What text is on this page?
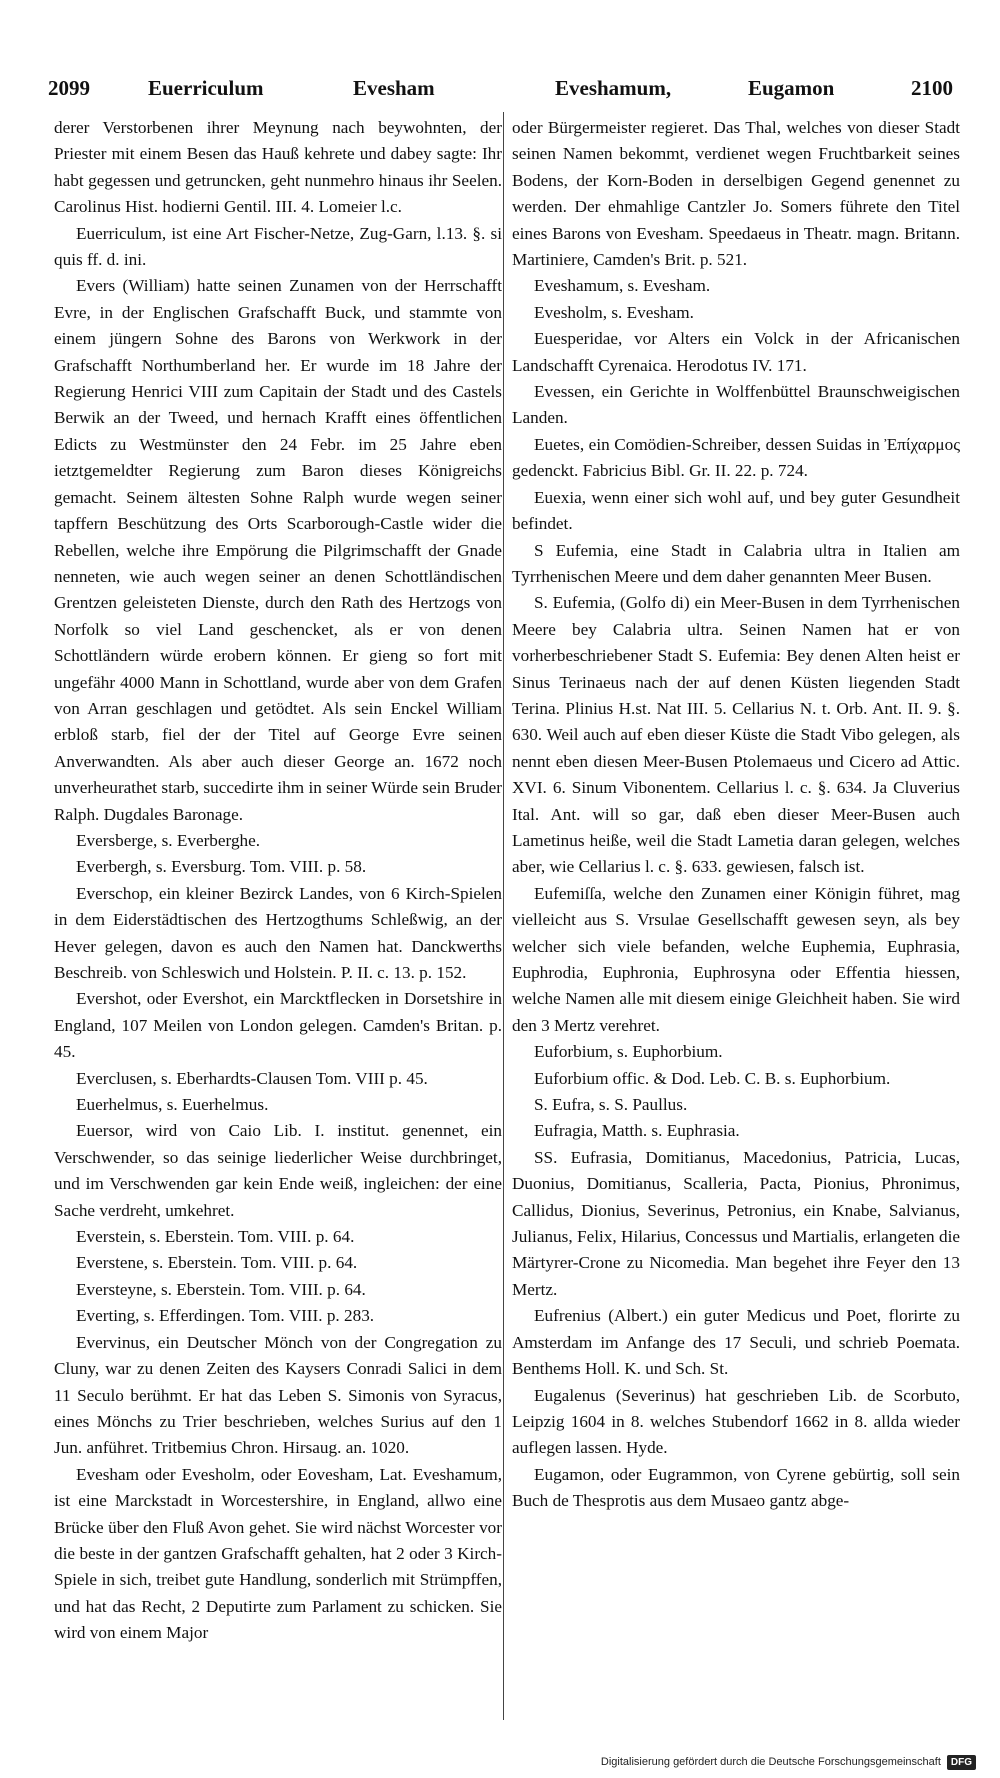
2099	Euerriculum	Evesham	Eveshamum,	Eugamon	2100

derer Verstorbenen ihrer Meynung nach beywohnten, der Priester mit einem Besen das Hauß kehrete und dabey sagte: Ihr habt gegessen und getruncken, geht nunmehro hinaus ihr Seelen. Carolinus Hist. hodierni Gentil. III. 4. Lomeier l.c.

Euerriculum, ist eine Art Fischer-Netze, Zug-Garn, l.13. §. si quis ff. d. ini.

Evers (William) hatte seinen Zunamen von der Herrschafft Evre, in der Englischen Grafschafft Buck, und stammte von einem jüngern Sohne des Barons von Werkwork in der Grafschafft Northumberland her. Er wurde im 18 Jahre der Regierung Henrici VIII zum Capitain der Stadt und des Castels Berwik an der Tweed, und hernach Krafft eines öffentlichen Edicts zu Westmünster den 24 Febr. im 25 Jahre eben ietztgemeldter Regierung zum Baron dieses Königreichs gemacht. Seinem ältesten Sohne Ralph wurde wegen seiner tapffern Beschützung des Orts Scarborough-Castle wider die Rebellen, welche ihre Empörung die Pilgrimschafft der Gnade nenneten, wie auch wegen seiner an denen Schottländischen Grentzen geleisteten Dienste, durch den Rath des Hertzogs von Norfolk so viel Land geschencket, als er von denen Schottländern würde erobern können. Er gieng so fort mit ungefähr 4000 Mann in Schottland, wurde aber von dem Grafen von Arran geschlagen und getödtet. Als sein Enckel William erbloß starb, fiel der der Titel auf George Evre seinen Anverwandten. Als aber auch dieser George an. 1672 noch unverheurathet starb, succedirte ihm in seiner Würde sein Bruder Ralph. Dugdales Baronage.

Eversberge, s. Everberghe.

Everbergh, s. Eversburg. Tom. VIII. p. 58.

Everschop, ein kleiner Bezirck Landes, von 6 Kirch-Spielen in dem Eiderstädtischen des Hertzogthums Schleßwig, an der Hever gelegen, davon es auch den Namen hat. Danckwerths Beschreib. von Schleswich und Holstein. P. II. c. 13. p. 152.

Evershot, oder Evershot, ein Marcktflecken in Dorsetshire in England, 107 Meilen von London gelegen. Camden's Britan. p. 45.

Everclusen, s. Eberhardts-Clausen Tom. VIII p. 45.

Euerhelmus, s. Euerhelmus.

Euersor, wird von Caio Lib. I. institut. genennet, ein Verschwender, so das seinige liederlicher Weise durchbringet, und im Verschwenden gar kein Ende weiß, ingleichen: der eine Sache verdreht, umkehret.

Everstein, s. Eberstein. Tom. VIII. p. 64.

Everstene, s. Eberstein. Tom. VIII. p. 64.

Eversteyne, s. Eberstein. Tom. VIII. p. 64.

Everting, s. Efferdingen. Tom. VIII. p. 283.

Evervinus, ein Deutscher Mönch von der Congregation zu Cluny, war zu denen Zeiten des Kaysers Conradi Salici in dem 11 Seculo berühmt. Er hat das Leben S. Simonis von Syracus, eines Mönchs zu Trier beschrieben, welches Surius auf den 1 Jun. anführet. Tritbemius Chron. Hirsaug. an. 1020.

Evesham oder Evesholm, oder Eovesham, Lat. Eveshamum, ist eine Marckstadt in Worcestershire, in England, allwo eine Brücke über den Fluß Avon gehet. Sie wird nächst Worcester vor die beste in der gantzen Grafschafft gehalten, hat 2 oder 3 Kirch-Spiele in sich, treibet gute Handlung, sonderlich mit Strümpffen, und hat das Recht, 2 Deputirte zum Parlament zu schicken. Sie wird von einem Major

oder Bürgermeister regieret. Das Thal, welches von dieser Stadt seinen Namen bekommt, verdienet wegen Fruchtbarkeit seines Bodens, der Korn-Boden in derselbigen Gegend genennet zu werden. Der ehmahlige Cantzler Jo. Somers führete den Titel eines Barons von Evesham. Speedaeus in Theatr. magn. Britann. Martiniere, Camden's Brit. p. 521.

Eveshamum, s. Evesham.

Evesholm, s. Evesham.

Euesperidae, vor Alters ein Volck in der Africanischen Landschafft Cyrenaica. Herodotus IV. 171.

Evessen, ein Gerichte in Wolffenbüttel Braunschweigischen Landen.

Euetes, ein Comödien-Schreiber, dessen Suidas in Ἐπίχαρμος gedenckt. Fabricius Bibl. Gr. II. 22. p. 724.

Euexia, wenn einer sich wohl auf, und bey guter Gesundheit befindet.

S Eufemia, eine Stadt in Calabria ultra in Italien am Tyrrhenischen Meere und dem daher genannten Meer Busen.

S. Eufemia, (Golfo di) ein Meer-Busen in dem Tyrrhenischen Meere bey Calabria ultra. Seinen Namen hat er von vorherbeschriebener Stadt S. Eufemia: Bey denen Alten heist er Sinus Terinaeus nach der auf denen Küsten liegenden Stadt Terina. Plinius H.st. Nat III. 5. Cellarius N. t. Orb. Ant. II. 9. §. 630. Weil auch auf eben dieser Küste die Stadt Vibo gelegen, als nennt eben diesen Meer-Busen Ptolemaeus und Cicero ad Attic. XVI. 6. Sinum Vibonentem. Cellarius l. c. §. 634. Ja Cluverius Ital. Ant. will so gar, daß eben dieser Meer-Busen auch Lametinus heiße, weil die Stadt Lametia daran gelegen, welches aber, wie Cellarius l. c. §. 633. gewiesen, falsch ist.

Eufemiſſa, welche den Zunamen einer Königin führet, mag vielleicht aus S. Vrsulae Gesellschafft gewesen seyn, als bey welcher sich viele befanden, welche Euphemia, Euphrasia, Euphrodia, Euphronia, Euphrosyna oder Effentia hiessen, welche Namen alle mit diesem einige Gleichheit haben. Sie wird den 3 Mertz verehret.

Euforbium, s. Euphorbium.

Euforbium offic. & Dod. Leb. C. B. s. Euphorbium.

S. Eufra, s. S. Paullus.

Eufragia, Matth. s. Euphrasia.

SS. Eufrasia, Domitianus, Macedonius, Patricia, Lucas, Duonius, Domitianus, Scalleria, Pacta, Pionius, Phronimus, Callidus, Dionius, Severinus, Petronius, ein Knabe, Salvianus, Julianus, Felix, Hilarius, Concessus und Martialis, erlangeten die Märtyrer-Crone zu Nicomedia. Man begehet ihre Feyer den 13 Mertz.

Eufrenius (Albert.) ein guter Medicus und Poet, florirte zu Amsterdam im Anfange des 17 Seculi, und schrieb Poemata. Benthems Holl. K. und Sch. St.

Eugalenus (Severinus) hat geschrieben Lib. de Scorbuto, Leipzig 1604 in 8. welches Stubendorf 1662 in 8. allda wieder auflegen lassen. Hyde.

Eugamon, oder Eugrammon, von Cyrene gebürtig, soll sein Buch de Thesprotis aus dem Musaeo gantz abge-

Digitalisierung gefördert durch die Deutsche Forschungsgemeinschaft	DFG
